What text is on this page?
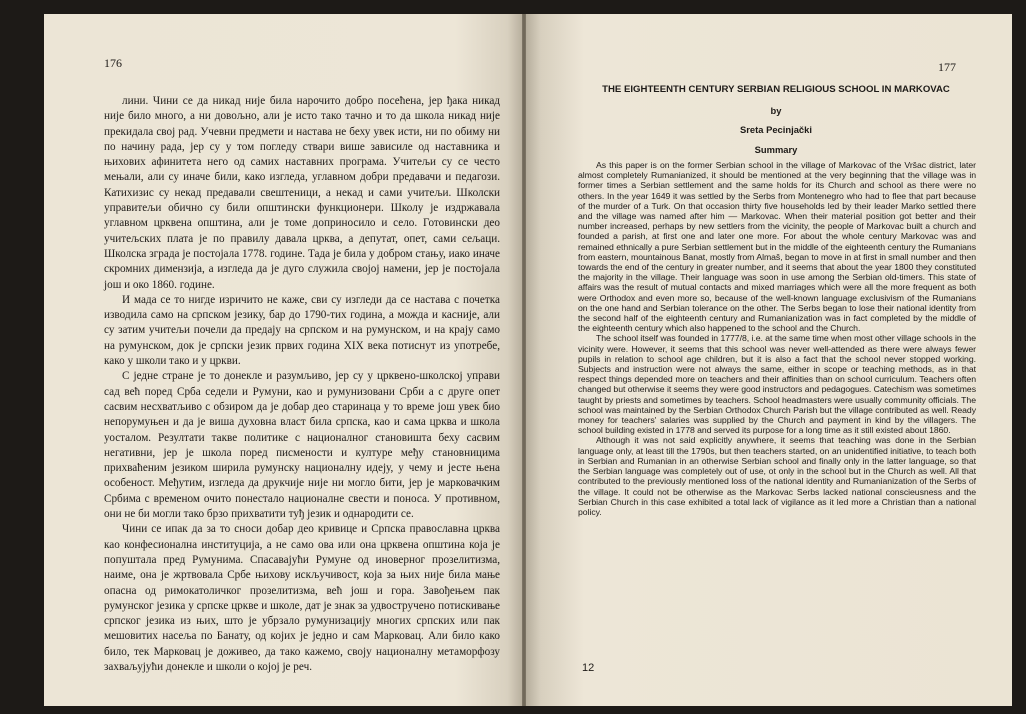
176

лини. Чини се да никад није била нарочито добро посећена, јер ђака никад није било много, а ни довољно, али је исто тако тачно и то да школа никад није прекидала свој рад. Учевни предмети и настава не беху увек исти, ни по обиму ни по начину рада, јер су у том погледу ствари више зависиле од наставника и њихових афинитета него од самих наставних програма. Учитељи су се често мењали, али су иначе били, како изгледа, углавном добри предавачи и педагози. Катихизис су некад предавали свештеници, а некад и сами учитељи. Школски управитељи обично су били општински функционери. Школу је издржавала углавном црквена општина, али је томе доприносило и село. Готовински део учитељских плата је по правилу давала црква, а депутат, опет, сами сељаци. Школска зграда је постојала 1778. године. Тада је била у добром стању, иако иначе скромних димензија, а изгледа да је дуго служила својој намени, јер је постојала још и око 1860. године.

И мада се то нигде изричито не каже, сви су изгледи да се настава с почетка изводила само на српском језику, бар до 1790-тих година, а можда и касније, али су затим учитељи почели да предају на српском и на румунском, и на крају само на румунском, док је српски језик првих година XIX века потиснут из употребе, како у школи тако и у цркви.

С једне стране је то донекле и разумљиво, јер су у црквено-школској управи сад већ поред Срба седели и Румуни, као и румунизовани Срби а с друге опет сасвим несхватљиво с обзиром да је добар део старинаца у то време још увек био непорумуњен и да је виша духовна власт била српска, као и сама црква и школа уосталом. Резултати такве политике с националног становишта беху сасвим негативни, јер је школа поред писмености и културе међу становницима прихваћеним језиком ширила румунску националну идеју, у чему и јесте њена особеност. Међутим, изгледа да друкчије није ни могло бити, јер је марковачким Србима с временом очито понестало националне свести и поноса. У противном, они не би могли тако брзо прихватити туђ језик и однародити се.

Чини се ипак да за то сноси добар део кривице и Српска православна црква као конфесионална институција, а не само ова или она црквена општина која је попуштала пред Румунима. Спасавајући Румуне од иноверног прозелитизма, наиме, она је жртвовала Србе њихову искључивост, која за њих није била мање опасна од римокатоличког прозелитизма, већ још и гора. Завођењем пак румунског језика у српске цркве и школе, дат је знак за удвостручено потискивање српског језика из њих, што је убрзало румунизацију многих српских или пак мешовитих насеља по Банату, од којих је једно и сам Марковац. Али било како било, тек Марковац је доживео, да тако кажемо, своју националну метаморфозу захваљујући донекле и школи о којој је реч.

177
THE EIGHTEENTH CENTURY SERBIAN RELIGIOUS SCHOOL IN MARKOVAC
by
Sreta Pecinjački
Summary

As this paper is on the former Serbian school in the village of Markovac of the Vršac district, later almost completely Rumanianized, it should be mentioned at the very beginning that the village was in former times a Serbian settlement and the same holds for its Church and school as there were no others. In the year 1649 it was settled by the Serbs from Montenegro who had to flee that part because of the murder of a Turk. On that occasion thirty five households led by their leader Marko settled there and the village was named after him — Markovac. When their material position got better and their number increased, perhaps by new settlers from the vicinity, the people of Markovac built a church and founded a parish, at first one and later one more. For about the whole century Markovac was and remained ethnically a pure Serbian settlement but in the middle of the eighteenth century the Rumanians from eastern, mountainous Banat, mostly from Almaš, began to move in at first in small number and then towards the end of the century in greater number, and it seems that about the year 1800 they constituted the majority in the village. Their language was soon in use among the Serbian old-timers. This state of affairs was the result of mutual contacts and mixed marriages which were all the more frequent as both were Orthodox and even more so, because of the well-known language exclusivism of the Rumanians on the one hand and Serbian tolerance on the other. The Serbs began to lose their national identity from the second half of the eighteenth century and Rumanianization was in fact completed by the middle of the eighteenth century which also happened to the school and the Church.

The school itself was founded in 1777/8, i.e. at the same time when most other village schools in the vicinity were. However, it seems that this school was never well-attended as there were always fewer pupils in relation to school age children, but it is also a fact that the school never stopped working. Subjects and instruction were not always the same, either in scope or teaching methods, as in that respect things depended more on teachers and their affinities than on school curriculum. Teachers often changed but otherwise it seems they were good instructors and pedagogues. Catechism was sometimes taught by priests and sometimes by teachers. School headmasters were usually community officials. The school was maintained by the Serbian Orthodox Church Parish but the village contributed as well. Ready money for teachers' salaries was supplied by the Church and payment in kind by the villagers. The school building existed in 1778 and served its purpose for a long time as it still existed about 1860.

Although it was not said explicitly anywhere, it seems that teaching was done in the Serbian language only, at least till the 1790s, but then teachers started, on an unidentified initiative, to teach both in Serbian and Rumanian in an otherwise Serbian school and finally only in the latter language, so that the Serbian language was completely out of use, ot only in the school but in the Church as well. All that contributed to the previously mentioned loss of the national identity and Rumanianization of the Serbs of the village. It could not be otherwise as the Markovac Serbs lacked national conscieusness and the Serbian Church in this case exhibited a total lack of vigilance as it led more a Christian than a national policy.

12
